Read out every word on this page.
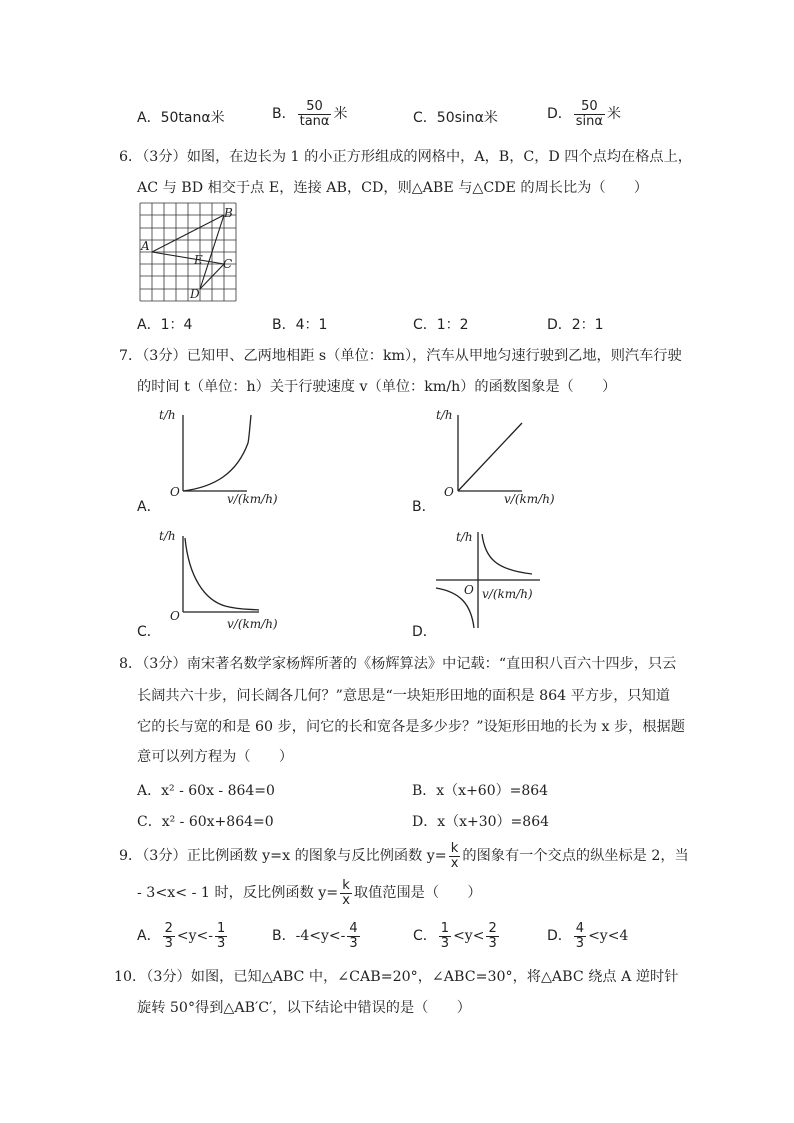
A．50tanα米	B． $\frac{50}{\tan\alpha}$ 米	C．50sinα米	D． $\frac{50}{\sin\alpha}$ 米
6．（3分）如图，在边长为 1 的小正方形组成的网格中，A，B，C，D 四个点均在格点上，
AC 与 BD 相交于点 E，连接 AB，CD，则△ABE 与△CDE 的周长比为（　　）
A
B
C
D
E
A．1：4	B．4：1	C．1：2	D．2：1
7．（3分）已知甲、乙两地相距 s（单位：km），汽车从甲地匀速行驶到乙地，则汽车行驶
的时间 t（单位：h）关于行驶速度 v（单位：km/h）的函数图象是（　　）
t/h
O	v/(km/h)
A．
t/h
O	v/(km/h)
B．
t/h
O
v/(km/h)
C．
t/h
O v/(km/h)
D．
8．（3分）南宋著名数学家杨辉所著的《杨辉算法》中记载：“直田积八百六十四步，只云
长阔共六十步，问长阔各几何？”意思是“一块矩形田地的面积是 864 平方步，只知道
它的长与宽的和是 60 步，问它的长和宽各是多少步？”设矩形田地的长为 x 步，根据题
意可以列方程为（　　）
A．x² - 60x - 864=0	B．x（x+60）=864
C．x² - 60x+864=0	D．x（x+30）=864
9．（3分）正比例函数 y=x 的图象与反比例函数 $y= \frac{k}{x}$ 的图象有一个交点的纵坐标是 2，当
- 3<x< - 1 时，反比例函数 $y= \frac{k}{x}$ 取值范围是（　　）
A． $\frac{2}{3} <y<- \frac{1}{3}$	B．$-4<y<- \frac{4}{3}$	C． $\frac{1}{3} <y< \frac{2}{3}$	D． $\frac{4}{3} <y<4$
10．（3分）如图，已知△ABC 中，∠CAB=20°，∠ABC=30°，将△ABC 绕点 A 逆时针
旋转 50°得到△AB′C′，以下结论中错误的是（　　）
